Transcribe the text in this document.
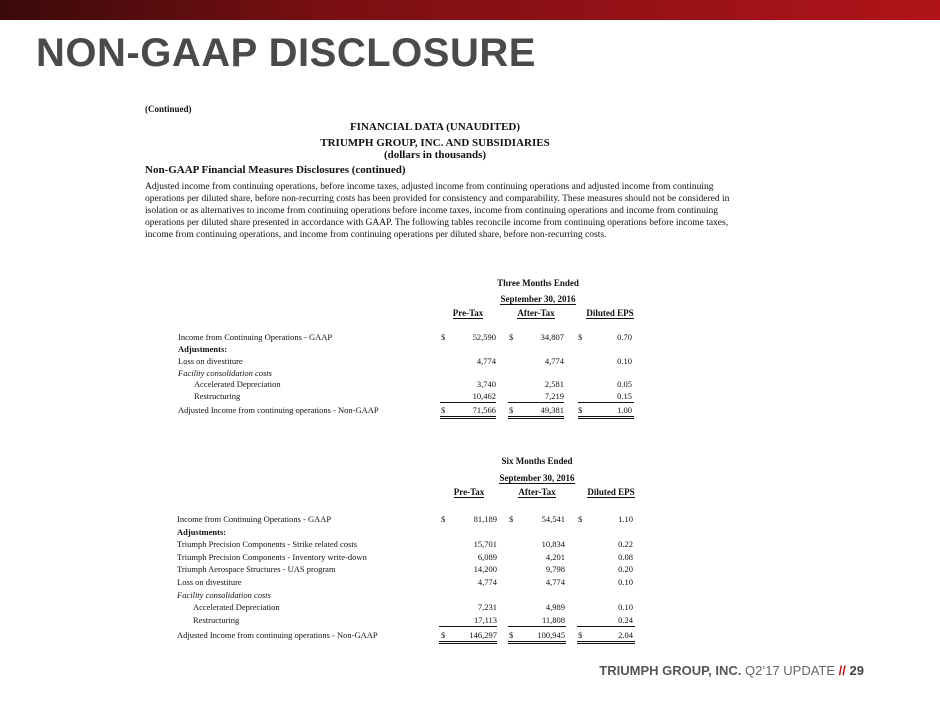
NON-GAAP DISCLOSURE
(Continued)
FINANCIAL DATA (UNAUDITED)
TRIUMPH GROUP, INC. AND SUBSIDIARIES
(dollars in thousands)
Non-GAAP Financial Measures Disclosures (continued)

Adjusted income from continuing operations, before income taxes, adjusted income from continuing operations and adjusted income from continuing operations per diluted share, before non-recurring costs has been provided for consistency and comparability. These measures should not be considered in isolation or as alternatives to income from continuing operations before income taxes, income from continuing operations and income from continuing operations per diluted share presented in accordance with GAAP. The following tables reconcile income from continuing operations before income taxes, income from continuing operations, and income from continuing operations per diluted share, before non-recurring costs.

Three Months Ended
September 30, 2016
Pre-Tax	After-Tax	Diluted EPS
Income from Continuing Operations - GAAP	$	52,590 $	34,807 $	0.70
Adjustments:
Loss on divestiture	4,774	4,774	0.10
Facility consolidation costs
Accelerated Depreciation	3,740	2,581	0.05
Restructuring	10,462	7,219	0.15
Adjusted Income from continuing operations - Non-GAAP	$	71,566 $	49,381 $	1.00
Six Months Ended
September 30, 2016
Pre-Tax	After-Tax	Diluted EPS
Income from Continuing Operations - GAAP	$	81,189 $	54,541 $	1.10
Adjustments:
Triumph Precision Components - Strike related costs	15,701	10,834	0.22
Triumph Precision Components - Inventory write-down	6,089	4,201	0.08
Triumph Aerospace Structures - UAS program	14,200	9,798	0.20
Loss on divestiture	4,774	4,774	0.10
Facility consolidation costs
Accelerated Depreciation	7,231	4,989	0.10
Restructuring	17,113	11,808	0.24
Adjusted Income from continuing operations - Non-GAAP	$	146,297 $	100,945 $	2.04
TRIUMPH GROUP, INC. Q2’17 UPDATE // 29
